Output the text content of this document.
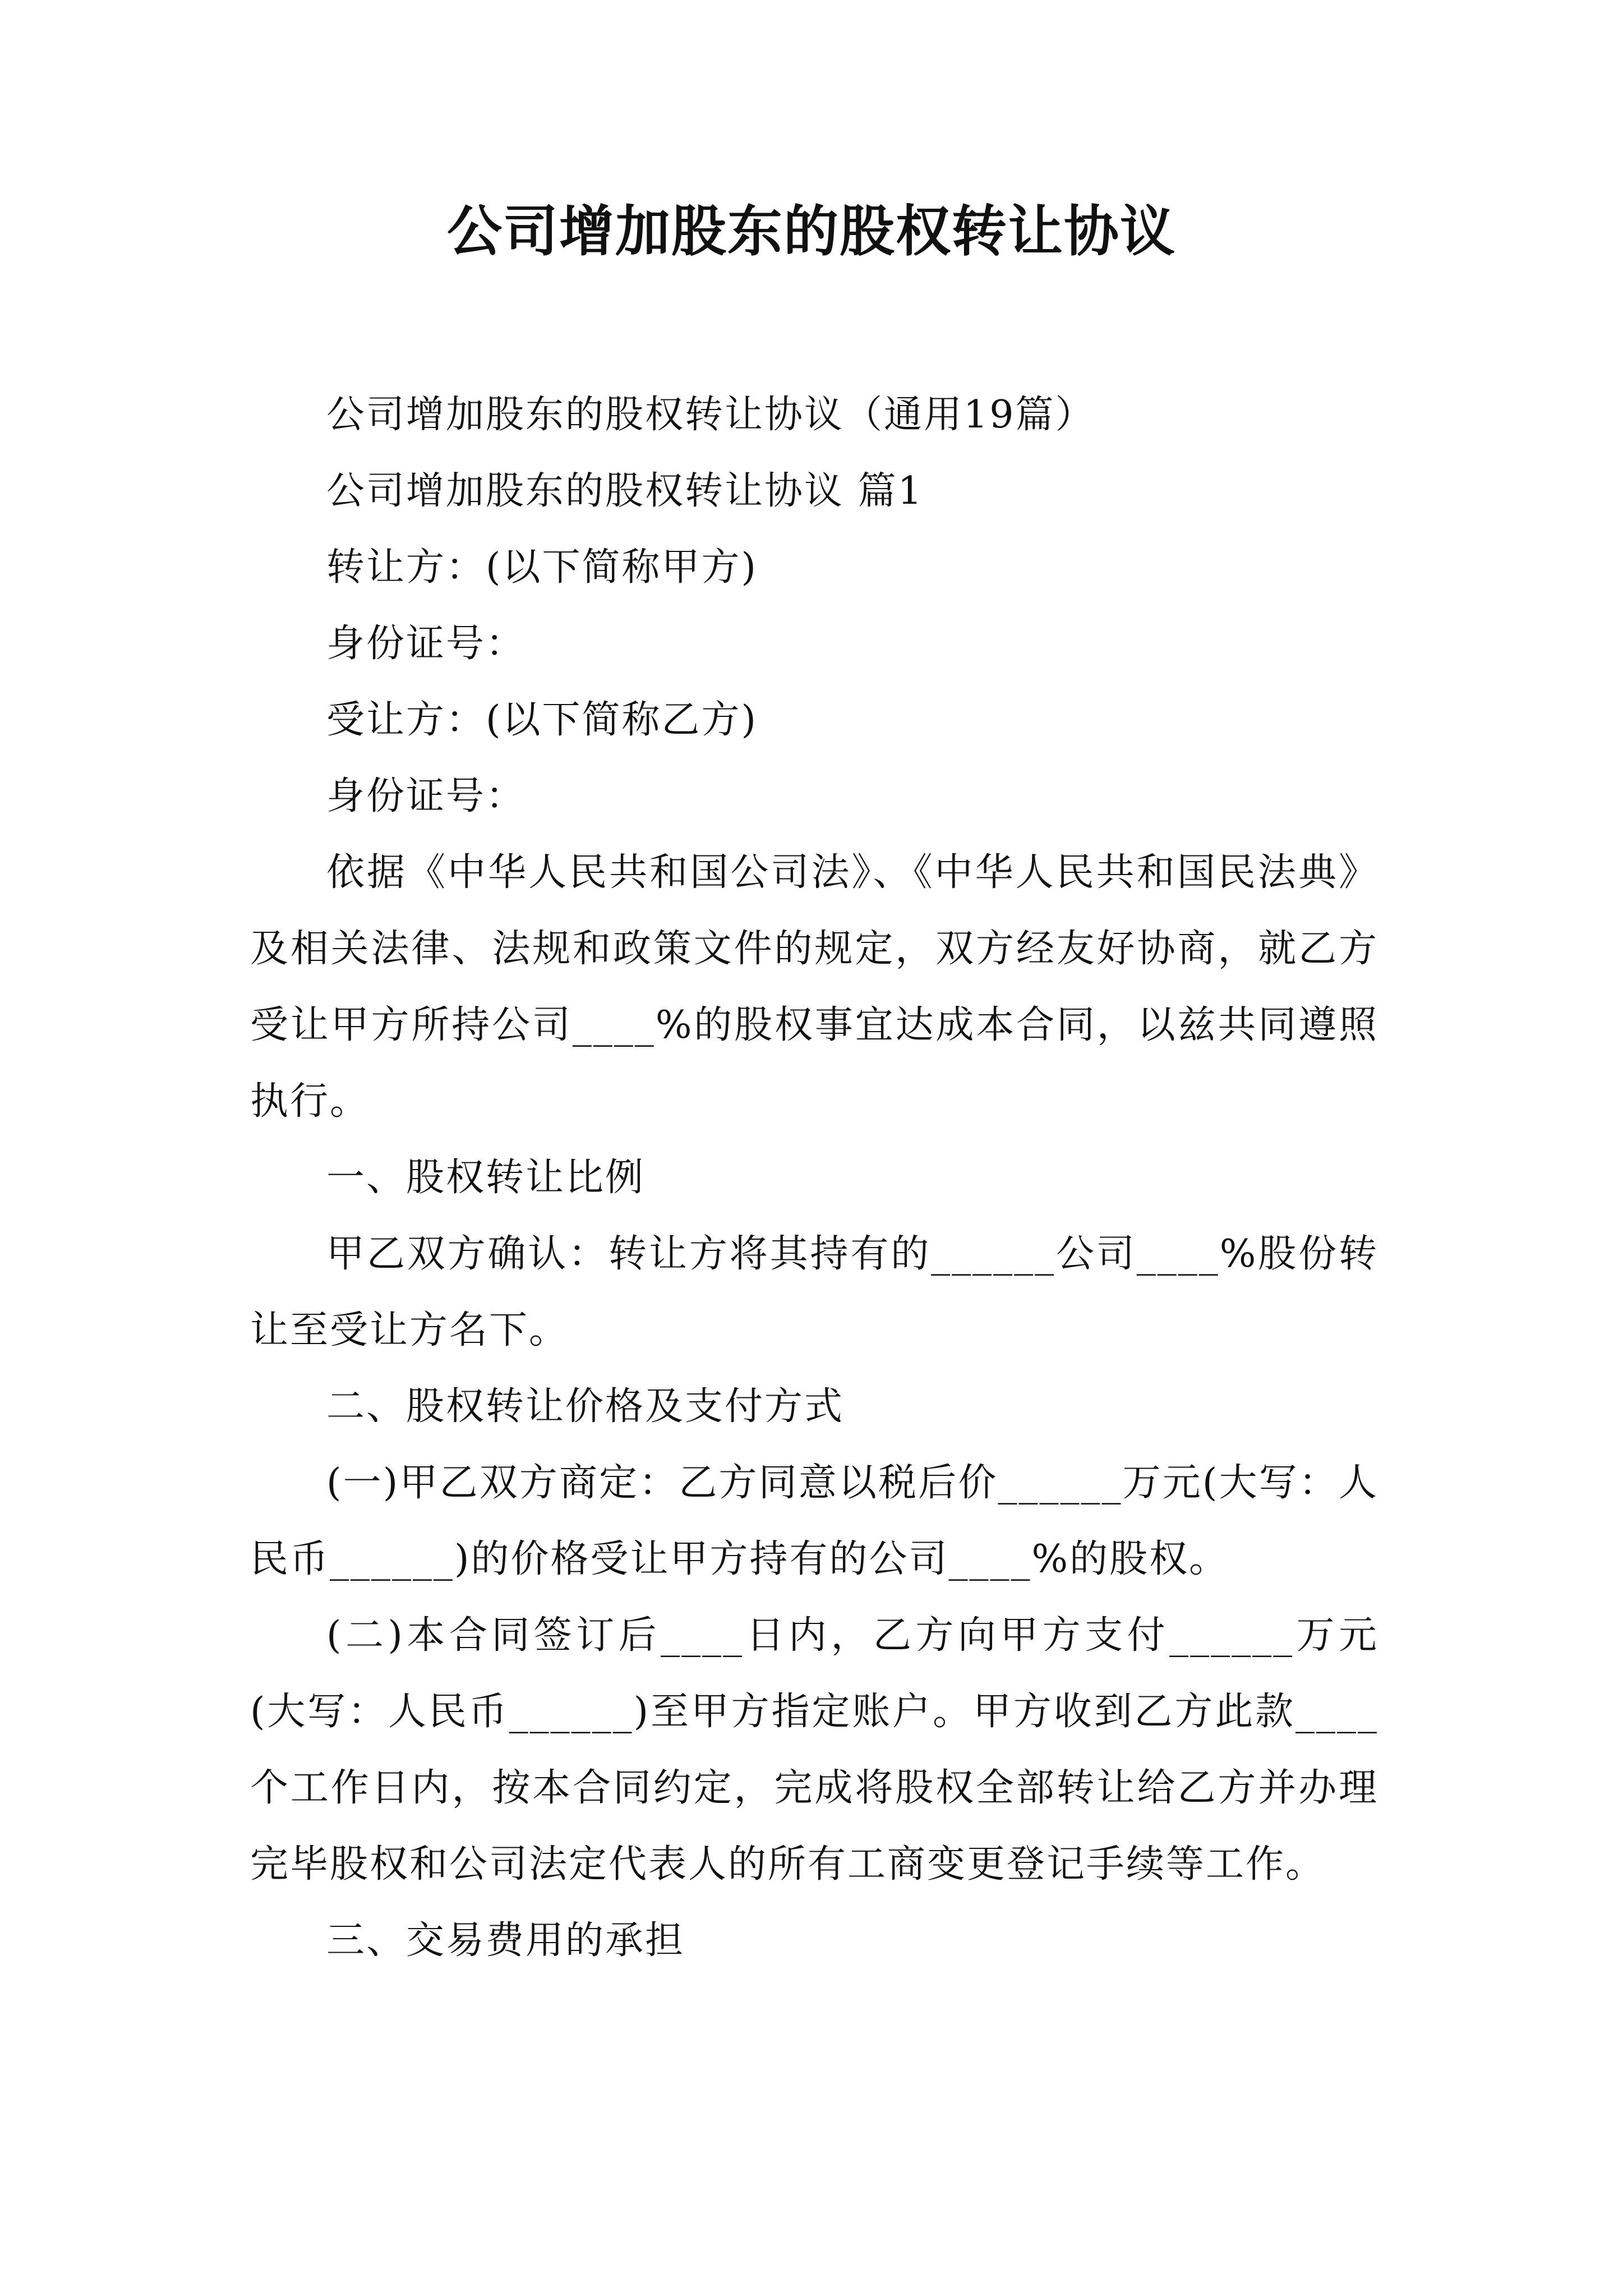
公司增加股东的股权转让协议

公司增加股东的股权转让协议（通用19篇）

公司增加股东的股权转让协议 篇1

转让方：(以下简称甲方)

身份证号：

受让方：(以下简称乙方)

身份证号：

依据《中华人民共和国公司法》、《中华人民共和国民法典》及相关法律、法规和政策文件的规定，双方经友好协商，就乙方受让甲方所持公司____%的股权事宜达成本合同，以兹共同遵照执行。

一、股权转让比例

甲乙双方确认：转让方将其持有的______公司____%股份转让至受让方名下。

二、股权转让价格及支付方式

(一)甲乙双方商定：乙方同意以税后价______万元(大写：人民币______)的价格受让甲方持有的公司____%的股权。

(二)本合同签订后____日内，乙方向甲方支付______万元(大写：人民币______)至甲方指定账户。甲方收到乙方此款____个工作日内，按本合同约定，完成将股权全部转让给乙方并办理完毕股权和公司法定代表人的所有工商变更登记手续等工作。

三、交易费用的承担
